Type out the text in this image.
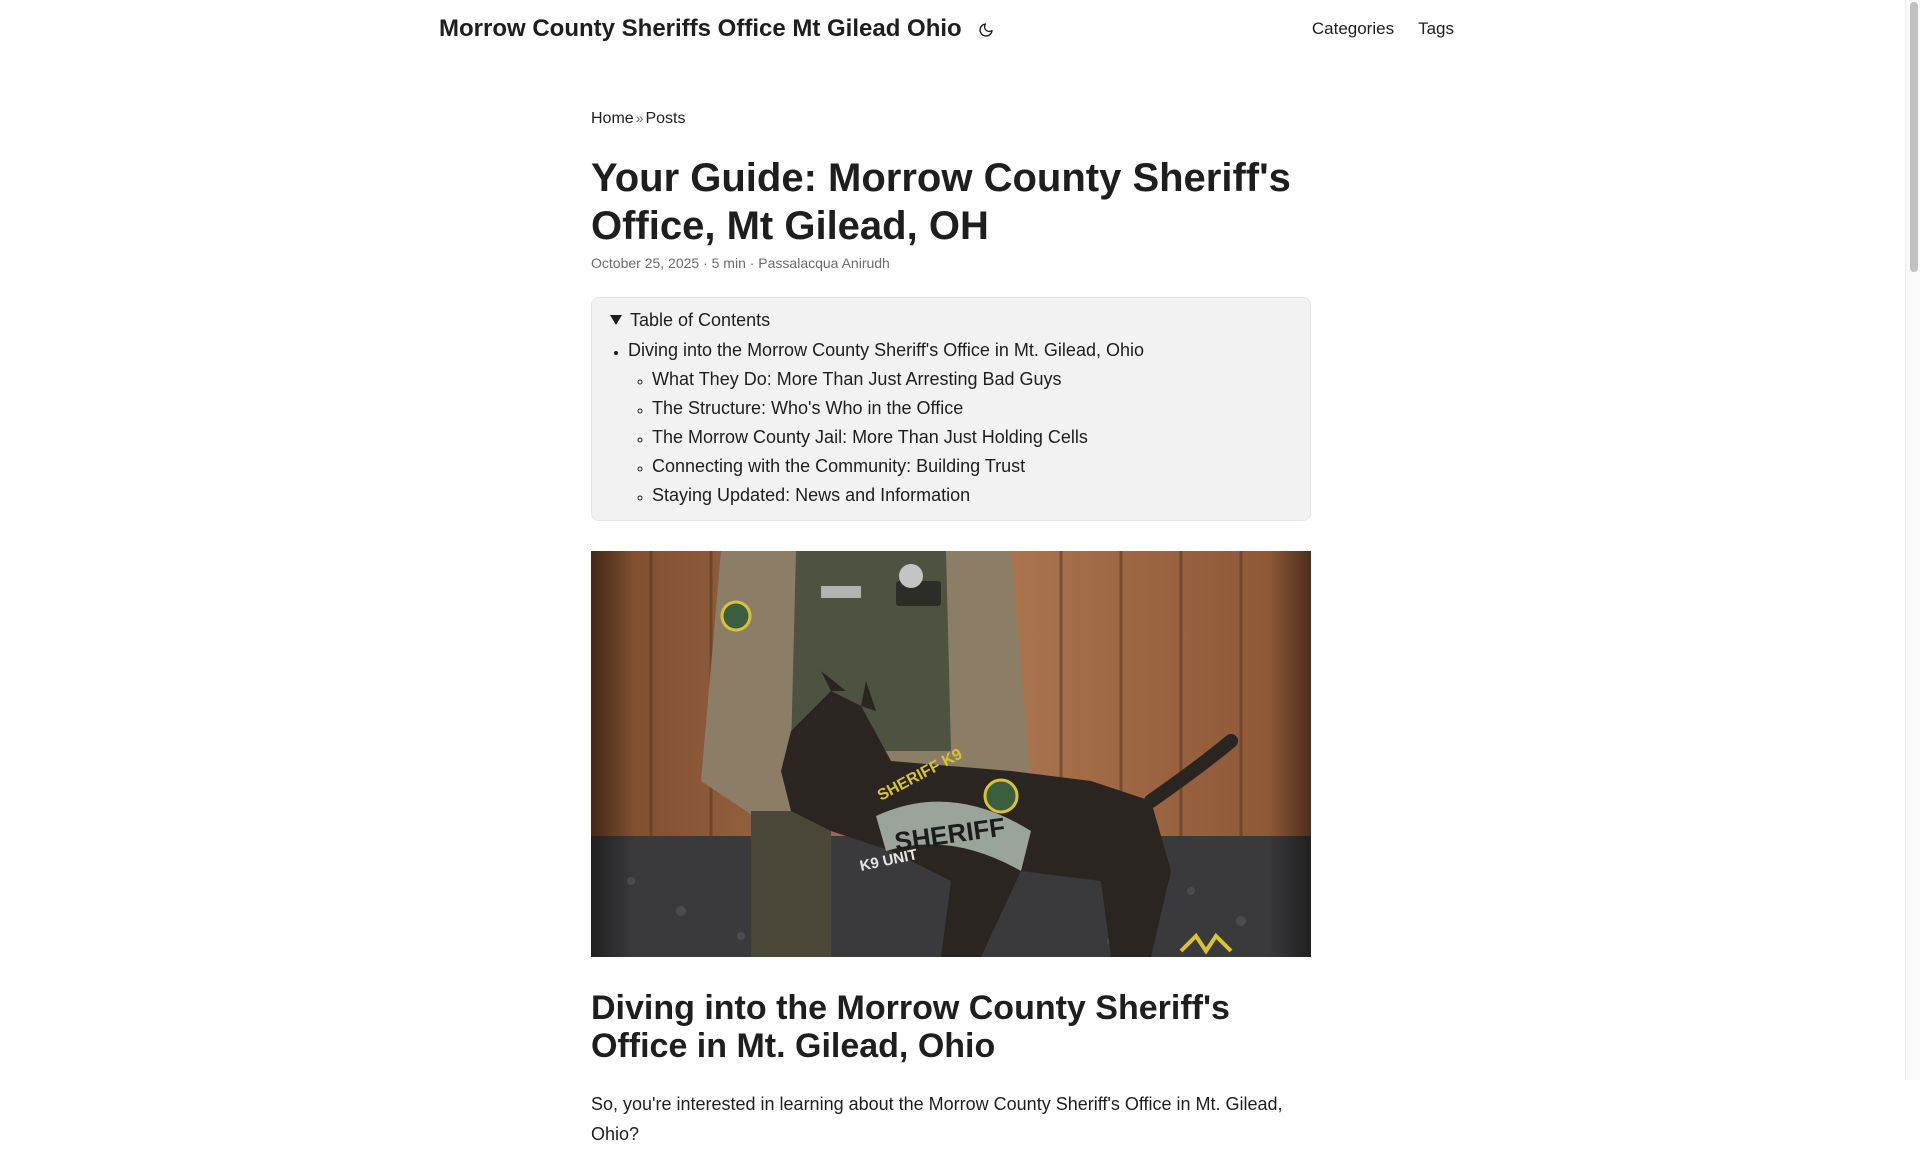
Morrow County Sheriffs Office Mt Gilead Ohio	Categories Tags
Home » Posts
Your Guide: Morrow County Sheriff's Office, Mt Gilead, OH
October 25, 2025 · 5 min · Passalacqua Anirudh
Table of Contents
• Diving into the Morrow County Sheriff's Office in Mt. Gilead, Ohio
◦ What They Do: More Than Just Arresting Bad Guys
◦ The Structure: Who's Who in the Office
◦ The Morrow County Jail: More Than Just Holding Cells
◦ Connecting with the Community: Building Trust
◦ Staying Updated: News and Information
Diving into the Morrow County Sheriff's Office in Mt. Gilead, Ohio

So, you're interested in learning about the Morrow County Sheriff's Office in Mt. Gilead, Ohio?
